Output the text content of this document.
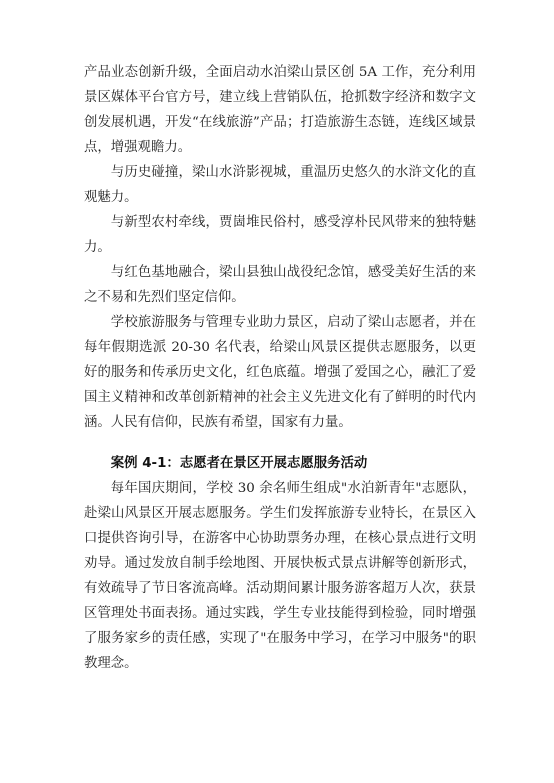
产品业态创新升级，全面启动水泊梁山景区创 5A 工作，充分利用景区媒体平台官方号，建立线上营销队伍，抢抓数字经济和数字文创发展机遇，开发“在线旅游”产品；打造旅游生态链，连线区域景点，增强观瞻力。

与历史碰撞，梁山水浒影视城，重温历史悠久的水浒文化的直观魅力。

与新型农村牵线，贾崮堆民俗村，感受淳朴民风带来的独特魅力。

与红色基地融合，梁山县独山战役纪念馆，感受美好生活的来之不易和先烈们坚定信仰。

学校旅游服务与管理专业助力景区，启动了梁山志愿者，并在每年假期选派 20-30 名代表，给梁山风景区提供志愿服务，以更好的服务和传承历史文化，红色底蕴。增强了爱国之心，融汇了爱国主义精神和改革创新精神的社会主义先进文化有了鲜明的时代内涵。人民有信仰，民族有希望，国家有力量。

案例 4-1：志愿者在景区开展志愿服务活动

每年国庆期间，学校 30 余名师生组成"水泊新青年"志愿队，赴梁山风景区开展志愿服务。学生们发挥旅游专业特长，在景区入口提供咨询引导，在游客中心协助票务办理，在核心景点进行文明劝导。通过发放自制手绘地图、开展快板式景点讲解等创新形式，有效疏导了节日客流高峰。活动期间累计服务游客超万人次，获景区管理处书面表扬。通过实践，学生专业技能得到检验，同时增强了服务家乡的责任感，实现了"在服务中学习，在学习中服务"的职教理念。
